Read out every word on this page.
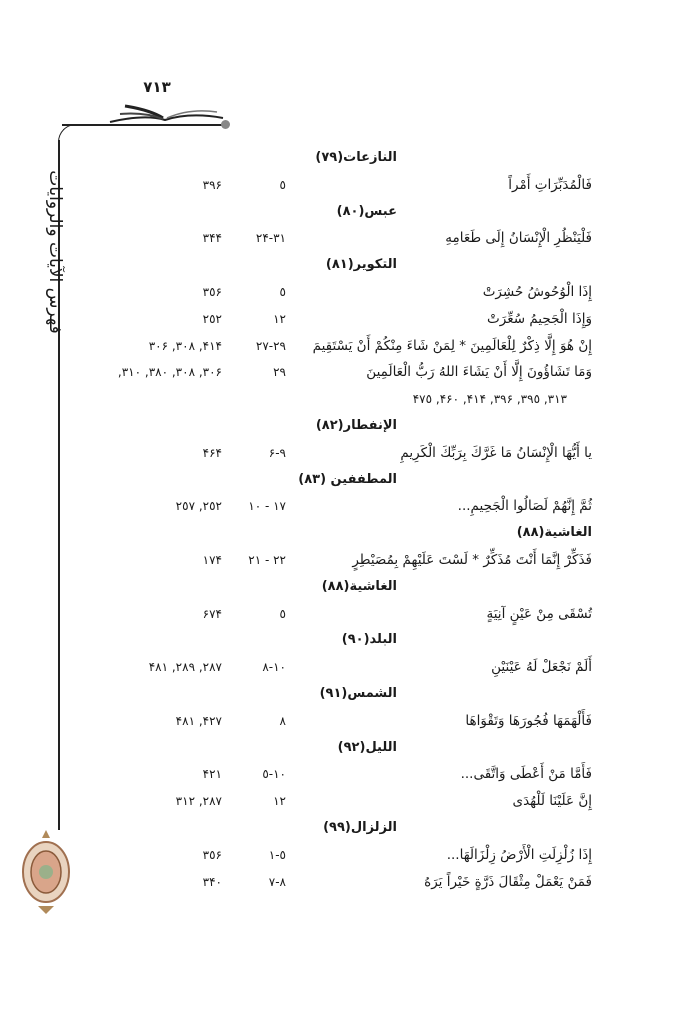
٧١٣
فهرس الآيات والروايات
النازعات(٧٩)
فَالْمُدَبِّرَاتِ أَمْراً
٥
٣٩۶
عبس(٨٠)
فَلْيَنْظُرِ الْإِنْسَانُ إِلَى طَعَامِهِ
٣١-٢۴
٣۴۴
التكوير(٨١)
إِذَا الْوُحُوشُ حُشِرَتْ
٥
٣٥۶
وَإِذَا الْجَحِيمُ سُعِّرَتْ
١٢
٢٥٢
إِنْ هُوَ إِلَّا ذِكْرٌ لِلْعَالَمِينَ * لِمَنْ شَاءَ مِنْكُمْ أَنْ يَسْتَقِيمَ
٢٩-٢٧
۴١۴, ٣٠٨, ٣٠۶
وَمَا تَشَاؤُونَ إِلَّا أَنْ يَشَاءَ اللهُ رَبُّ الْعَالَمِينَ
٢٩
٣٠۶, ٣٠٨, ٣٨٠, ٣١٠,
٣١٣, ٣٩٥, ٣٩۶, ۴١۴, ۴۶٠, ۴٧٥
الإنفطار(٨٢)
يا أَيُّهَا الْإِنْسَانُ مَا غَرَّكَ بِرَبِّكَ الْكَرِيمِ
٩-۶
۴۶۴
المطففين (٨٣)
ثُمَّ إِنَّهُمْ لَصَالُوا الْجَحِيمِ...
١٧ - ١٠
٢٥٢, ٢٥٧
الغاشية(٨٨)
فَذَكِّرْ إِنَّمَا أَنْتَ مُذَكِّرٌ * لَسْتَ عَلَيْهِمْ بِمُصَيْطِرٍ
٢٢ - ٢١
١٧۴
الغاشية(٨٨)
تُسْقَى مِنْ عَيْنٍ آنِيَةٍ
٥
۶٧۴
البلد(٩٠)
أَلَمْ نَجْعَلْ لَهُ عَيْنَيْنِ
١٠-٨
٢٨٧, ٢٨٩, ۴٨١
الشمس(٩١)
فَأَلْهَمَهَا فُجُورَهَا وَتَقْوَاهَا
٨
۴٢٧, ۴٨١
الليل(٩٢)
فَأَمَّا مَنْ أَعْطَى وَاتَّقَى...
١٠-٥
۴٢١
إِنَّ عَلَيْنَا لَلْهُدَى
١٢
٢٨٧, ٣١٢
الزلزال(٩٩)
إِذَا زُلْزِلَتِ الْأَرْضُ زِلْزَالَهَا...
٥-١
٣٥۶
فَمَنْ يَعْمَلْ مِثْقَالَ ذَرَّةٍ خَيْراً يَرَهُ
٨-٧
٣۴٠
